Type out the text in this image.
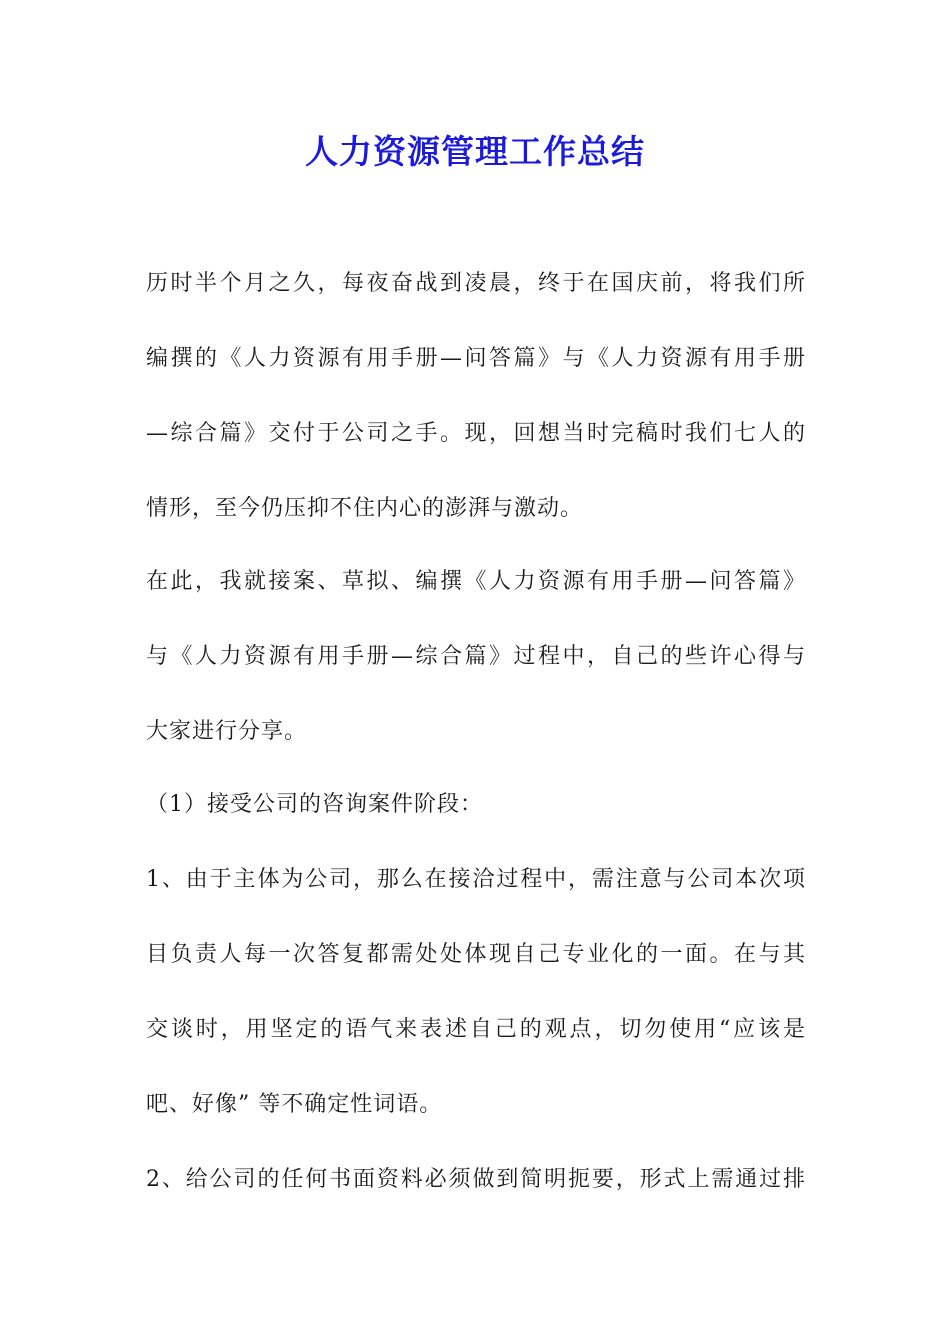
人力资源管理工作总结
历时半个月之久，每夜奋战到凌晨，终于在国庆前，将我们所
编撰的《人力资源有用手册—问答篇》与《人力资源有用手册
—综合篇》交付于公司之手。现，回想当时完稿时我们七人的
情形，至今仍压抑不住内心的澎湃与激动。
在此，我就接案、草拟、编撰《人力资源有用手册—问答篇》
与《人力资源有用手册—综合篇》过程中，自己的些许心得与
大家进行分享。
（1）接受公司的咨询案件阶段：
1、由于主体为公司，那么在接洽过程中，需注意与公司本次项
目负责人每一次答复都需处处体现自己专业化的一面。在与其
交谈时，用坚定的语气来表述自己的观点，切勿使用“应该是
吧、好像” 等不确定性词语。
2、给公司的任何书面资料必须做到简明扼要，形式上需通过排
